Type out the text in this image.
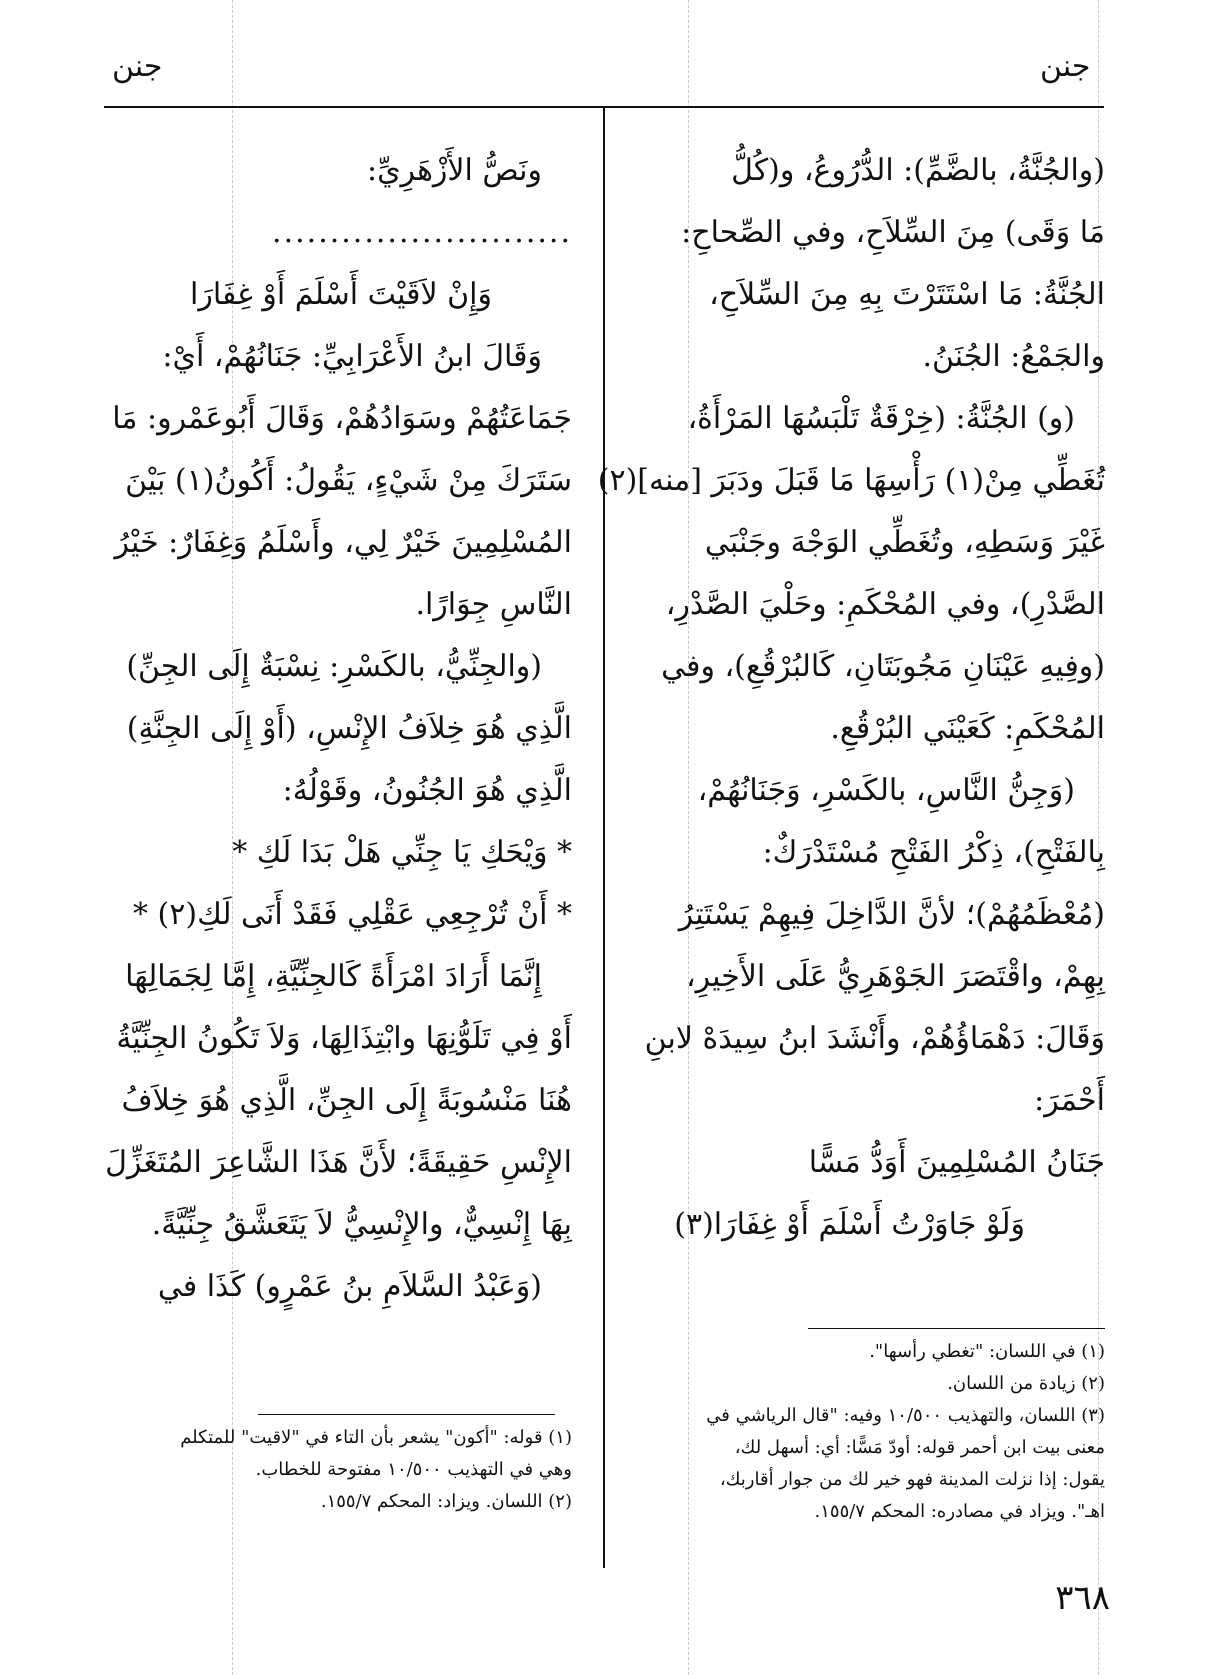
جنن	جنن
(والجُنَّةُ، بالضَّمِّ): الدُّرُوعُ، و(كُلُّ
مَا وَقَى) مِنَ السِّلاَحِ، وفي الصِّحاحِ:
الجُنَّةُ: مَا اسْتَتَرْتَ بِهِ مِنَ السِّلاَحِ،
والجَمْعُ: الجُنَنُ.
(و) الجُنَّةُ: (خِرْقَةٌ تَلْبَسُهَا المَرْأَةُ،
تُغَطِّي مِنْ(١) رَأْسِهَا مَا قَبَلَ ودَبَرَ [منه](٢)
غَيْرَ وَسَطِهِ، وتُغَطِّي الوَجْهَ وجَنْبَي
الصَّدْرِ)، وفي المُحْكَمِ: وحَلْيَ الصَّدْرِ،
(وفِيهِ عَيْنَانِ مَجُوبَتَانِ، كَالبُرْقُعِ)، وفي
المُحْكَمِ: كَعَيْنَي البُرْقُعِ.
(وَجِنُّ النَّاسِ، بالكَسْرِ، وَجَنَانُهُمْ،
بِالفَتْحِ)، ذِكْرُ الفَتْحِ مُسْتَدْرَكٌ:
(مُعْظَمُهُمْ)؛ لأنَّ الدَّاخِلَ فِيهِمْ يَسْتَتِرُ
بِهِمْ، واقْتَصَرَ الجَوْهَرِيُّ عَلَى الأَخِيرِ،
وَقَالَ: دَهْمَاؤُهُمْ، وأَنْشَدَ ابنُ سِيدَهْ لابنِ
أَحْمَرَ:
جَنَانُ المُسْلِمِينَ أَوَدُّ مَسًّا
وَلَوْ جَاوَرْتُ أَسْلَمَ أَوْ غِفَارَا(٣)
(١) في اللسان: "تغطي رأسها".
(٢) زيادة من اللسان.
(٣) اللسان، والتهذيب ١٠/٥٠٠ وفيه: "قال الرياشي في
معنى بيت ابن أحمر قوله: أودّ مَسًّا: أي: أسهل لك،
يقول: إذا نزلت المدينة فهو خير لك من جوار أقاربك،
اهـ". ويزاد في مصادره: المحكم ١٥٥/٧.
ونَصُّ الأَزْهَرِيِّ:
..........................
وَإِنْ لاَقَيْتَ أَسْلَمَ أَوْ غِفَارَا
وَقَالَ ابنُ الأَعْرَابِيِّ: جَنَانُهُمْ، أَيْ:
جَمَاعَتُهُمْ وسَوَادُهُمْ، وَقَالَ أَبُوعَمْرو: مَا
سَتَرَكَ مِنْ شَيْءٍ، يَقُولُ: أَكُونُ(١) بَيْنَ
المُسْلِمِينَ خَيْرٌ لِي، وأَسْلَمُ وَغِفَارٌ: خَيْرُ
النَّاسِ جِوَارًا.
(والجِنِّيُّ، بالكَسْرِ: نِسْبَةٌ إِلَى الجِنِّ)
الَّذِي هُوَ خِلاَفُ الإِنْسِ، (أَوْ إِلَى الجِنَّةِ)
الَّذِي هُوَ الجُنُونُ، وقَوْلُهُ:
* وَيْحَكِ يَا جِنِّي هَلْ بَدَا لَكِ *
* أَنْ تُرْجِعِي عَقْلِي فَقَدْ أَنَى لَكِ(٢) *
إِنَّمَا أَرَادَ امْرَأَةً كَالجِنِّيَّةِ، إِمَّا لِجَمَالِهَا
أَوْ فِي تَلَوُّنِهَا وابْتِذَالِهَا، وَلاَ تَكُونُ الجِنِّيَّةُ
هُنَا مَنْسُوبَةً إِلَى الجِنِّ، الَّذِي هُوَ خِلاَفُ
الإِنْسِ حَقِيقَةً؛ لأَنَّ هَذَا الشَّاعِرَ المُتَغَزِّلَ
بِهَا إِنْسِيٌّ، والإِنْسِيُّ لاَ يَتَعَشَّقُ جِنِّيَّةً.
(وَعَبْدُ السَّلاَمِ بنُ عَمْرٍو) كَذَا في
(١) قوله: "أكون" يشعر بأن التاء في "لاقيت" للمتكلم
وهي في التهذيب ١٠/٥٠٠ مفتوحة للخطاب.
(٢) اللسان. ويزاد: المحكم ١٥٥/٧.
٣٦٨
